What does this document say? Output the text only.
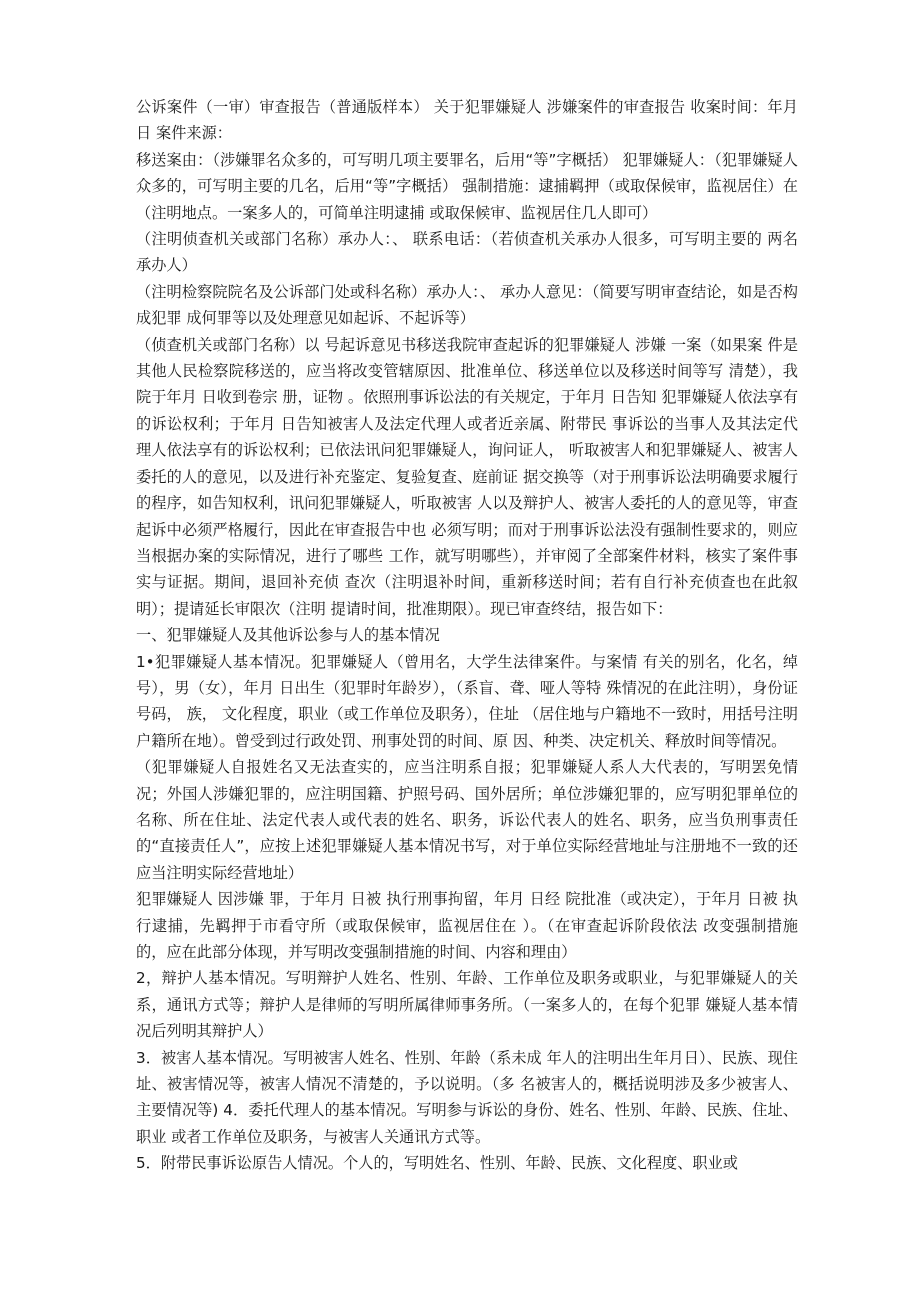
公诉案件（一审）审查报告（普通版样本） 关于犯罪嫌疑人 涉嫌案件的审查报告 收案时间：年月日 案件来源：

移送案由：（涉嫌罪名众多的，可写明几项主要罪名，后用“等”字概括） 犯罪嫌疑人：（犯罪嫌疑人众多的，可写明主要的几名，后用“等”字概括） 强制措施：逮捕羁押（或取保候审，监视居住）在 （注明地点。一案多人的，可简单注明逮捕 或取保候审、监视居住几人即可）

（注明侦查机关或部门名称）承办人：、 联系电话：（若侦查机关承办人很多，可写明主要的 两名承办人）

（注明检察院院名及公诉部门处或科名称）承办人：、 承办人意见：（简要写明审查结论，如是否构成犯罪 成何罪等以及处理意见如起诉、不起诉等）

（侦查机关或部门名称）以 号起诉意见书移送我院审查起诉的犯罪嫌疑人 涉嫌 一案（如果案 件是其他人民检察院移送的，应当将改变管辖原因、批准单位、移送单位以及移送时间等写 清楚），我院于年月 日收到卷宗 册，证物 。依照刑事诉讼法的有关规定，于年月 日告知 犯罪嫌疑人依法享有的诉讼权利；于年月 日告知被害人及法定代理人或者近亲属、附带民 事诉讼的当事人及其法定代理人依法享有的诉讼权利；已依法讯问犯罪嫌疑人，询问证人， 听取被害人和犯罪嫌疑人、被害人委托的人的意见，以及进行补充鉴定、复验复查、庭前证 据交换等（对于刑事诉讼法明确要求履行的程序，如告知权利，讯问犯罪嫌疑人，听取被害 人以及辩护人、被害人委托的人的意见等，审查起诉中必须严格履行，因此在审查报告中也 必须写明；而对于刑事诉讼法没有强制性要求的，则应当根据办案的实际情况，进行了哪些 工作，就写明哪些），并审阅了全部案件材料，核实了案件事实与证据。期间，退回补充侦 查次（注明退补时间，重新移送时间；若有自行补充侦查也在此叙明）；提请延长审限次（注明 提请时间，批准期限）。现已审查终结，报告如下：

一、犯罪嫌疑人及其他诉讼参与人的基本情况

1•犯罪嫌疑人基本情况。犯罪嫌疑人（曾用名，大学生法律案件。与案情 有关的别名，化名，绰号），男（女），年月 日出生（犯罪时年龄岁），（系盲、聋、哑人等特 殊情况的在此注明），身份证号码， 族， 文化程度，职业（或工作单位及职务），住址 （居住地与户籍地不一致时，用括号注明户籍所在地）。曾受到过行政处罚、刑事处罚的时间、原 因、种类、决定机关、释放时间等情况。

（犯罪嫌疑人自报姓名又无法查实的，应当注明系自报；犯罪嫌疑人系人大代表的，写明罢免情况；外国人涉嫌犯罪的，应注明国籍、护照号码、国外居所；单位涉嫌犯罪的，应写明犯罪单位的名称、所在住址、法定代表人或代表的姓名、职务，诉讼代表人的姓名、职务，应当负刑事责任的“直接责任人”，应按上述犯罪嫌疑人基本情况书写，对于单位实际经营地址与注册地不一致的还应当注明实际经营地址）

犯罪嫌疑人 因涉嫌 罪，于年月 日被 执行刑事拘留，年月 日经 院批准（或决定），于年月 日被 执行逮捕，先羁押于市看守所（或取保候审，监视居住在 ）。（在审查起诉阶段依法 改变强制措施的，应在此部分体现，并写明改变强制措施的时间、内容和理由）

2，辩护人基本情况。写明辩护人姓名、性别、年龄、工作单位及职务或职业，与犯罪嫌疑人的关系，通讯方式等；辩护人是律师的写明所属律师事务所。（一案多人的，在每个犯罪 嫌疑人基本情况后列明其辩护人）

3．被害人基本情况。写明被害人姓名、性别、年龄（系未成 年人的注明出生年月日）、民族、现住址、被害情况等，被害人情况不清楚的，予以说明。（多 名被害人的，概括说明涉及多少被害人、主要情况等) 4．委托代理人的基本情况。写明参与诉讼的身份、姓名、性别、年龄、民族、住址、职业 或者工作单位及职务，与被害人关通讯方式等。

5．附带民事诉讼原告人情况。个人的，写明姓名、性别、年龄、民族、文化程度、职业或
